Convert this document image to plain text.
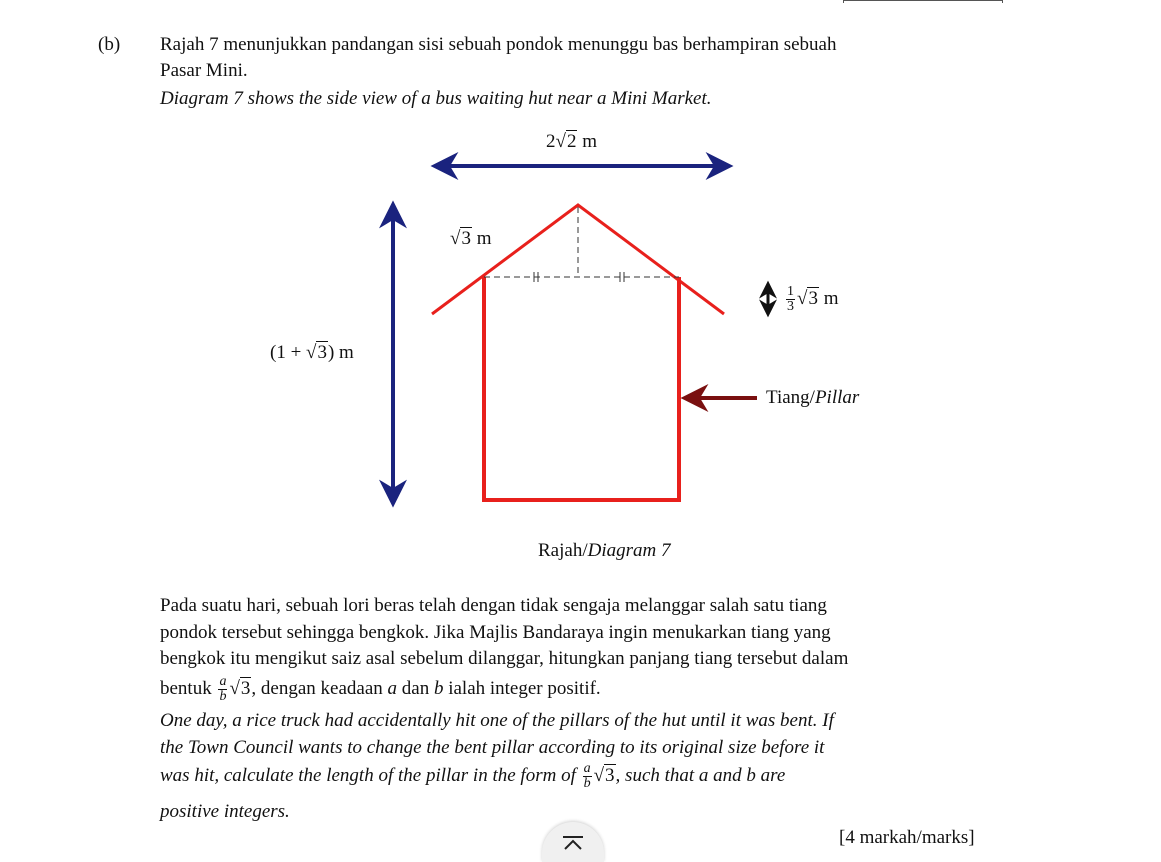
(b) Rajah 7 menunjukkan pandangan sisi sebuah pondok menunggu bas berhampiran sebuah
Pasar Mini.
Diagram 7 shows the side view of a bus waiting hut near a Mini Market.
2√2 m
√3 m
(1 + √3) m
$\frac{1}{3} √3$ m
Tiang/Pillar
Rajah/Diagram 7
Pada suatu hari, sebuah lori beras telah dengan tidak sengaja melanggar salah satu tiang
pondok tersebut sehingga bengkok. Jika Majlis Bandaraya ingin menukarkan tiang yang
bengkok itu mengikut saiz asal sebelum dilanggar, hitungkan panjang tiang tersebut dalam
bentuk $\frac{a}{b} √3$, dengan keadaan a dan b ialah integer positif.
One day, a rice truck had accidentally hit one of the pillars of the hut until it was bent. If
the Town Council wants to change the bent pillar according to its original size before it
was hit, calculate the length of the pillar in the form of $\frac{a}{b} √3$, such that a and b are
positive integers.
[4 markah/marks]
